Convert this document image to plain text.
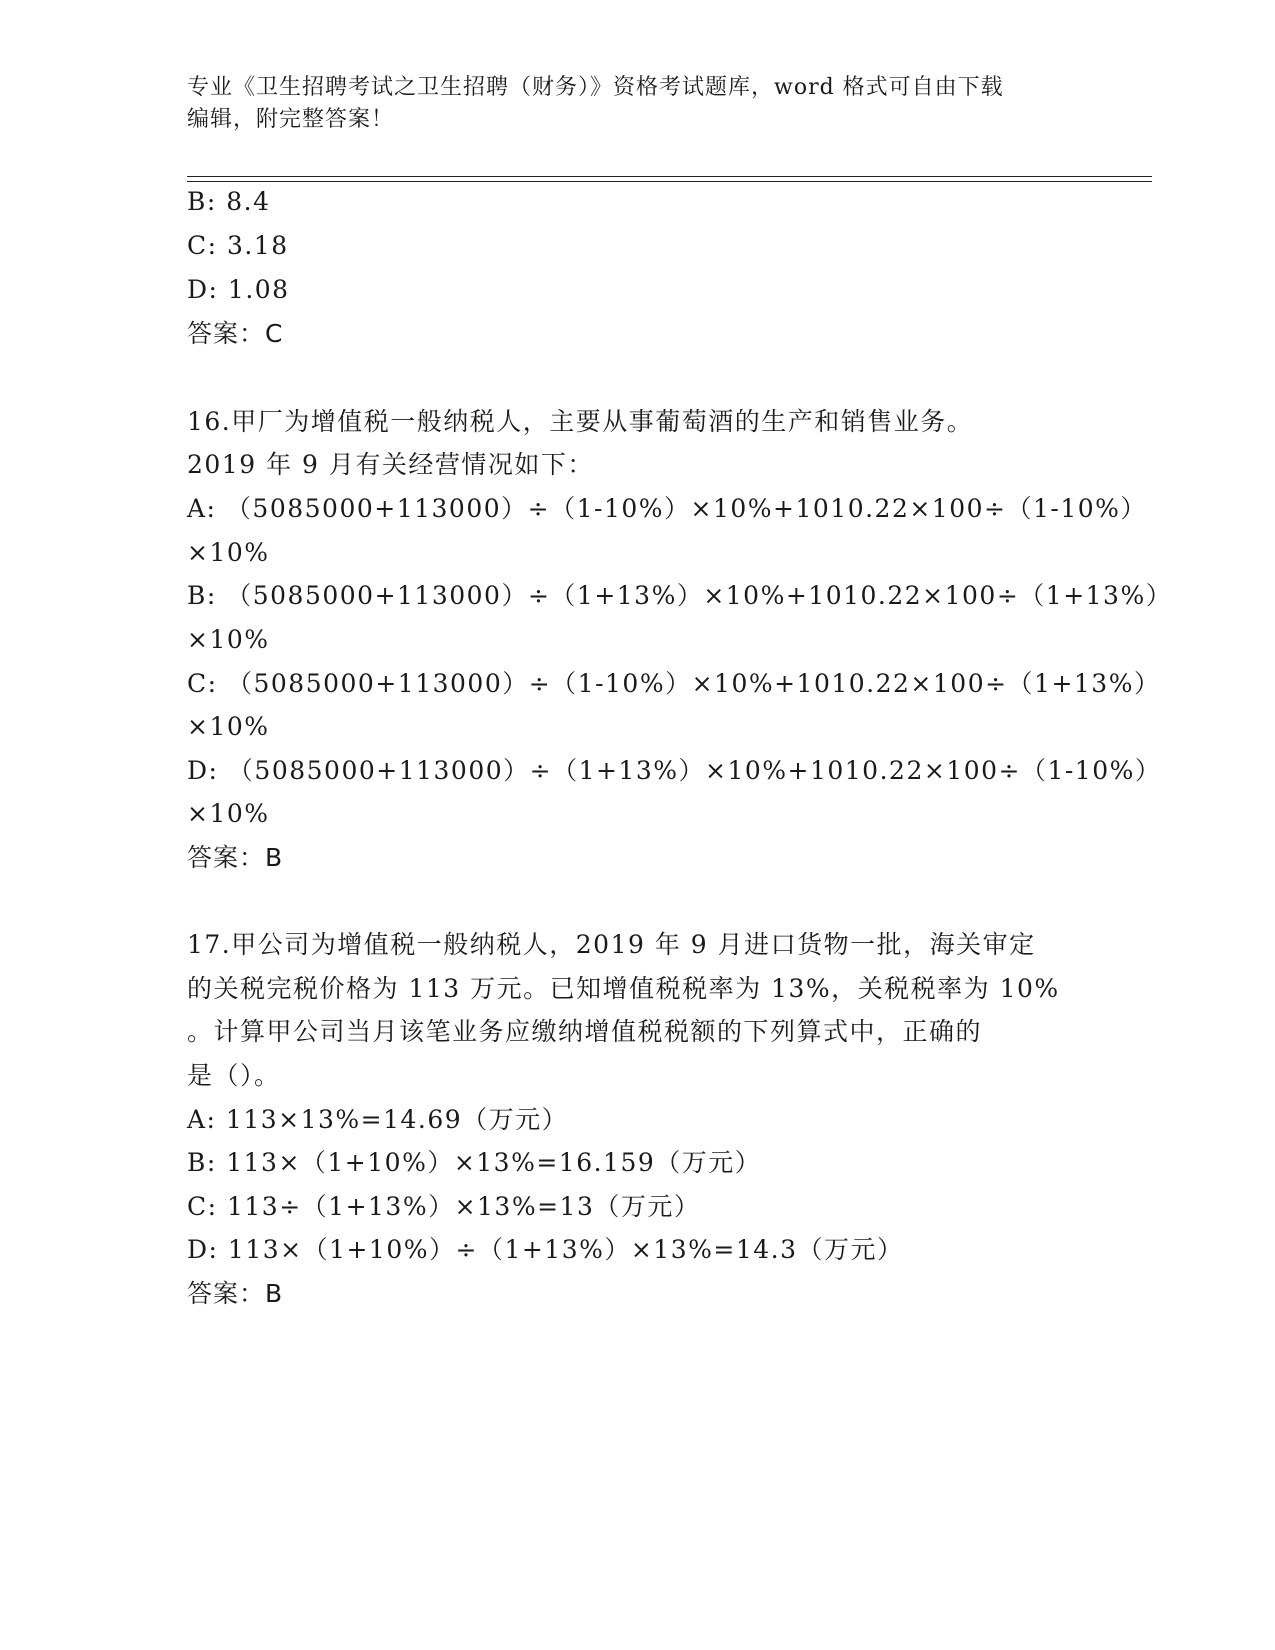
专业《卫生招聘考试之卫生招聘（财务）》资格考试题库，word 格式可自由下载
编辑，附完整答案！
B: 8.4
C: 3.18
D: 1.08
答案：C
16.甲厂为增值税一般纳税人，主要从事葡萄酒的生产和销售业务。
2019 年 9 月有关经营情况如下：
A: （5085000+113000）÷（1-10%）×10%+1010.22×100÷（1-10%）
×10%
B: （5085000+113000）÷（1+13%）×10%+1010.22×100÷（1+13%）
×10%
C: （5085000+113000）÷（1-10%）×10%+1010.22×100÷（1+13%）
×10%
D: （5085000+113000）÷（1+13%）×10%+1010.22×100÷（1-10%）
×10%
答案：B
17.甲公司为增值税一般纳税人，2019 年 9 月进口货物一批，海关审定
的关税完税价格为 113 万元。已知增值税税率为 13%，关税税率为 10%
。计算甲公司当月该笔业务应缴纳增值税税额的下列算式中，正确的
是（）。
A: 113×13%=14.69（万元）
B: 113×（1+10%）×13%=16.159（万元）
C: 113÷（1+13%）×13%=13（万元）
D: 113×（1+10%）÷（1+13%）×13%=14.3（万元）
答案：B
